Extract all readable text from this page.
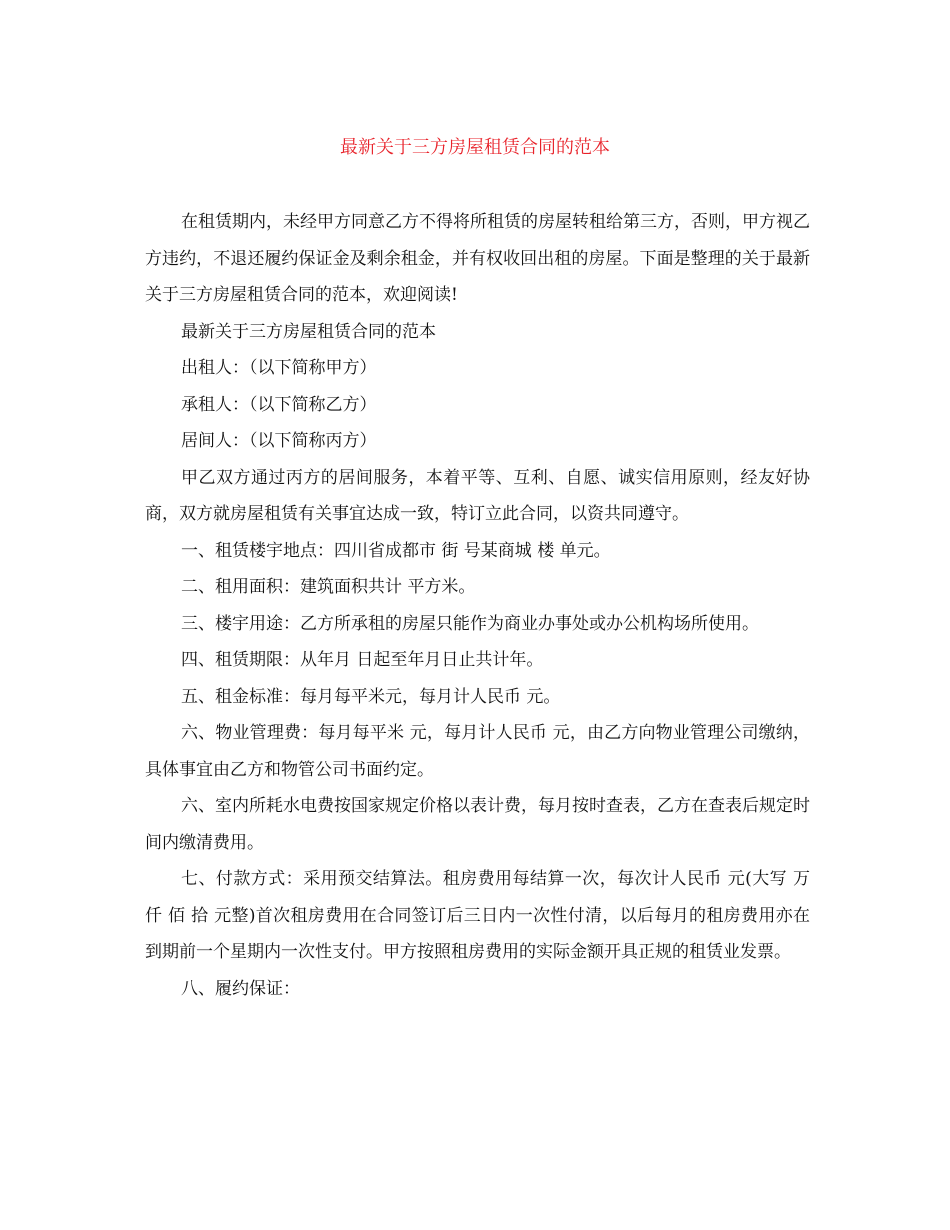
最新关于三方房屋租赁合同的范本

在租赁期内，未经甲方同意乙方不得将所租赁的房屋转租给第三方，否则，甲方视乙方违约，不退还履约保证金及剩余租金，并有权收回出租的房屋。下面是整理的关于最新关于三方房屋租赁合同的范本，欢迎阅读!

最新关于三方房屋租赁合同的范本

出租人：（以下简称甲方）

承租人：（以下简称乙方）

居间人：（以下简称丙方）

甲乙双方通过丙方的居间服务，本着平等、互利、自愿、诚实信用原则，经友好协商，双方就房屋租赁有关事宜达成一致，特订立此合同，以资共同遵守。

一、租赁楼宇地点：四川省成都市 街 号某商城 楼 单元。

二、租用面积：建筑面积共计 平方米。

三、楼宇用途：乙方所承租的房屋只能作为商业办事处或办公机构场所使用。

四、租赁期限：从年月 日起至年月日止共计年。

五、租金标准：每月每平米元，每月计人民币 元。

六、物业管理费：每月每平米 元，每月计人民币 元，由乙方向物业管理公司缴纳，具体事宜由乙方和物管公司书面约定。

六、室内所耗水电费按国家规定价格以表计费，每月按时查表，乙方在查表后规定时间内缴清费用。

七、付款方式：采用预交结算法。租房费用每结算一次，每次计人民币 元(大写 万 仟 佰 拾 元整)首次租房费用在合同签订后三日内一次性付清，以后每月的租房费用亦在到期前一个星期内一次性支付。甲方按照租房费用的实际金额开具正规的租赁业发票。

八、履约保证：
